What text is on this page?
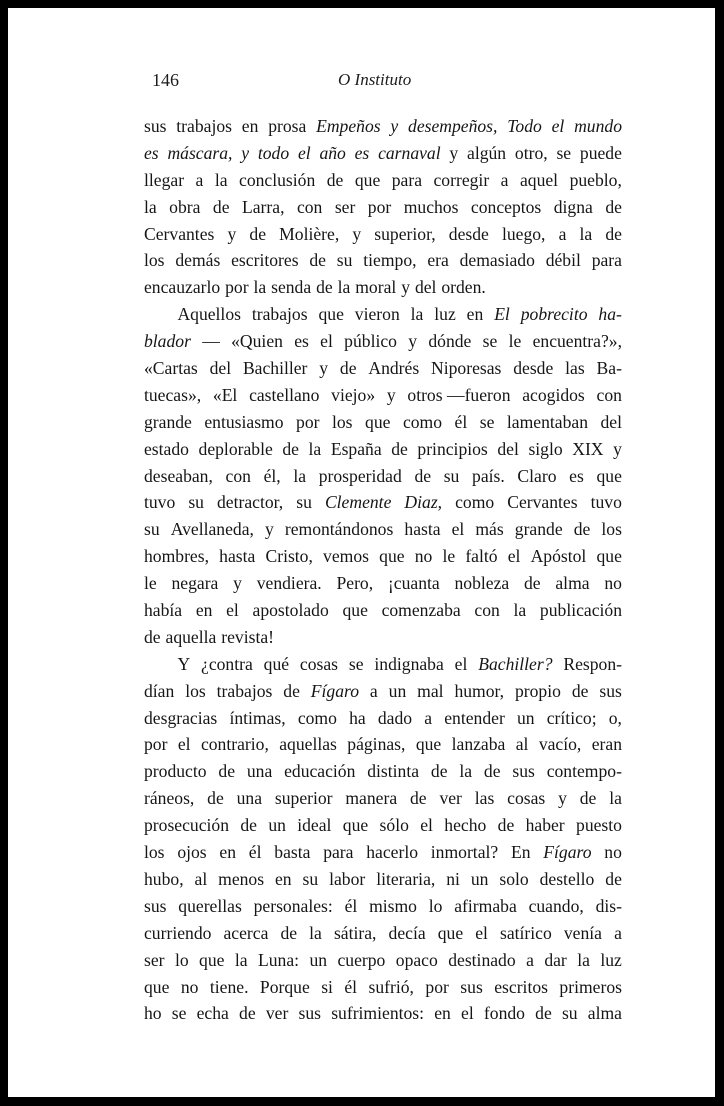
146	O Instituto
sus trabajos en prosa Empeños y desempeños, Todo el mundo
es máscara, y todo el año es carnaval y algún otro, se puede
llegar a la conclusión de que para corregir a aquel pueblo,
la obra de Larra, con ser por muchos conceptos digna de
Cervantes y de Molière, y superior, desde luego, a la de
los demás escritores de su tiempo, era demasiado débil para
encauzarlo por la senda de la moral y del orden.
Aquellos trabajos que vieron la luz en El pobrecito ha-
blador — «Quien es el público y dónde se le encuentra?»,
«Cartas del Bachiller y de Andrés Niporesas desde las Ba-
tuecas», «El castellano viejo» y otros —fueron acogidos con
grande entusiasmo por los que como él se lamentaban del
estado deplorable de la España de principios del siglo XIX y
deseaban, con él, la prosperidad de su país. Claro es que
tuvo su detractor, su Clemente Diaz, como Cervantes tuvo
su Avellaneda, y remontándonos hasta el más grande de los
hombres, hasta Cristo, vemos que no le faltó el Apóstol que
le negara y vendiera. Pero, ¡cuanta nobleza de alma no
había en el apostolado que comenzaba con la publicación
de aquella revista!
Y ¿contra qué cosas se indignaba el Bachiller? Respon-
dían los trabajos de Fígaro a un mal humor, propio de sus
desgracias íntimas, como ha dado a entender un crítico; o,
por el contrario, aquellas páginas, que lanzaba al vacío, eran
producto de una educación distinta de la de sus contempo-
ráneos, de una superior manera de ver las cosas y de la
prosecución de un ideal que sólo el hecho de haber puesto
los ojos en él basta para hacerlo inmortal? En Fígaro no
hubo, al menos en su labor literaria, ni un solo destello de
sus querellas personales: él mismo lo afirmaba cuando, dis-
curriendo acerca de la sátira, decía que el satírico venía a
ser lo que la Luna: un cuerpo opaco destinado a dar la luz
que no tiene. Porque si él sufrió, por sus escritos primeros
ho se echa de ver sus sufrimientos: en el fondo de su alma
